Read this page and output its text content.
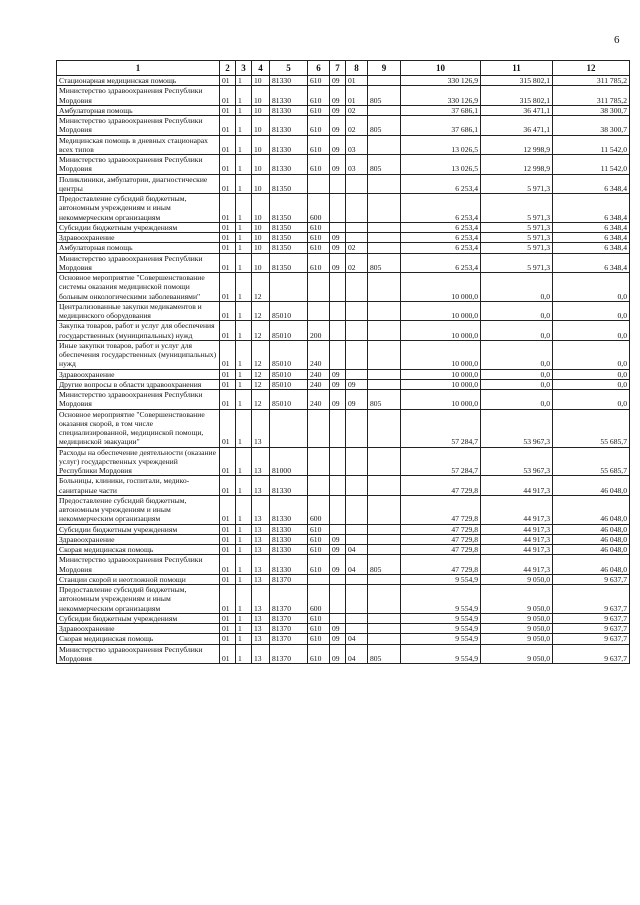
6
1	2	3	4	5	6	7	8	9	10	11	12
Стационарная медицинская помощь	01	1	10	81330	610	09	01		330 126,9	315 802,1	311 785,2
Министерство здравоохранения Республики Мордовия	01	1	10	81330	610	09	01	805	330 126,9	315 802,1	311 785,2
Амбулаторная помощь	01	1	10	81330	610	09	02		37 686,1	36 471,1	38 300,7
Министерство здравоохранения Республики Мордовия	01	1	10	81330	610	09	02	805	37 686,1	36 471,1	38 300,7
Медицинская помощь в дневных стационарах всех типов	01	1	10	81330	610	09	03		13 026,5	12 998,9	11 542,0
Министерство здравоохранения Республики Мордовия	01	1	10	81330	610	09	03	805	13 026,5	12 998,9	11 542,0
Поликлиники, амбулатории, диагностические центры	01	1	10	81350					6 253,4	5 971,3	6 348,4
Предоставление субсидий бюджетным, автономным учреждениям и иным некоммерческим организациям	01	1	10	81350	600				6 253,4	5 971,3	6 348,4
Субсидии бюджетным учреждениям	01	1	10	81350	610				6 253,4	5 971,3	6 348,4
Здравоохранение	01	1	10	81350	610	09			6 253,4	5 971,3	6 348,4
Амбулаторная помощь	01	1	10	81350	610	09	02		6 253,4	5 971,3	6 348,4
Министерство здравоохранения Республики Мордовия	01	1	10	81350	610	09	02	805	6 253,4	5 971,3	6 348,4
Основное мероприятие "Совершенствование системы оказания медицинской помощи больным онкологическими заболеваниями"	01	1	12						10 000,0	0,0	0,0
Централизованные закупки медикаментов и медицинского оборудования	01	1	12	85010					10 000,0	0,0	0,0
Закупка товаров, работ и услуг для обеспечения государственных (муниципальных) нужд	01	1	12	85010	200				10 000,0	0,0	0,0
Иные закупки товаров, работ и услуг для обеспечения государственных (муниципальных) нужд	01	1	12	85010	240				10 000,0	0,0	0,0
Здравоохранение	01	1	12	85010	240	09			10 000,0	0,0	0,0
Другие вопросы в области здравоохранения	01	1	12	85010	240	09	09		10 000,0	0,0	0,0
Министерство здравоохранения Республики Мордовия	01	1	12	85010	240	09	09	805	10 000,0	0,0	0,0
Основное мероприятие "Совершенствование оказания скорой, в том числе специализированной, медицинской помощи, медицинской эвакуации"	01	1	13						57 284,7	53 967,3	55 685,7
Расходы на обеспечение деятельности (оказание услуг) государственных учреждений Республики Мордовия	01	1	13	81000					57 284,7	53 967,3	55 685,7
Больницы, клиники, госпитали, медико-санитарные части	01	1	13	81330					47 729,8	44 917,3	46 048,0
Предоставление субсидий бюджетным, автономным учреждениям и иным некоммерческим организациям	01	1	13	81330	600				47 729,8	44 917,3	46 048,0
Субсидии бюджетным учреждениям	01	1	13	81330	610				47 729,8	44 917,3	46 048,0
Здравоохранение	01	1	13	81330	610	09			47 729,8	44 917,3	46 048,0
Скорая медицинская помощь	01	1	13	81330	610	09	04		47 729,8	44 917,3	46 048,0
Министерство здравоохранения Республики Мордовия	01	1	13	81330	610	09	04	805	47 729,8	44 917,3	46 048,0
Станции скорой и неотложной помощи	01	1	13	81370					9 554,9	9 050,0	9 637,7
Предоставление субсидий бюджетным, автономным учреждениям и иным некоммерческим организациям	01	1	13	81370	600				9 554,9	9 050,0	9 637,7
Субсидии бюджетным учреждениям	01	1	13	81370	610				9 554,9	9 050,0	9 637,7
Здравоохранение	01	1	13	81370	610	09			9 554,9	9 050,0	9 637,7
Скорая медицинская помощь	01	1	13	81370	610	09	04		9 554,9	9 050,0	9 637,7
Министерство здравоохранения Республики Мордовия	01	1	13	81370	610	09	04	805	9 554,9	9 050,0	9 637,7
